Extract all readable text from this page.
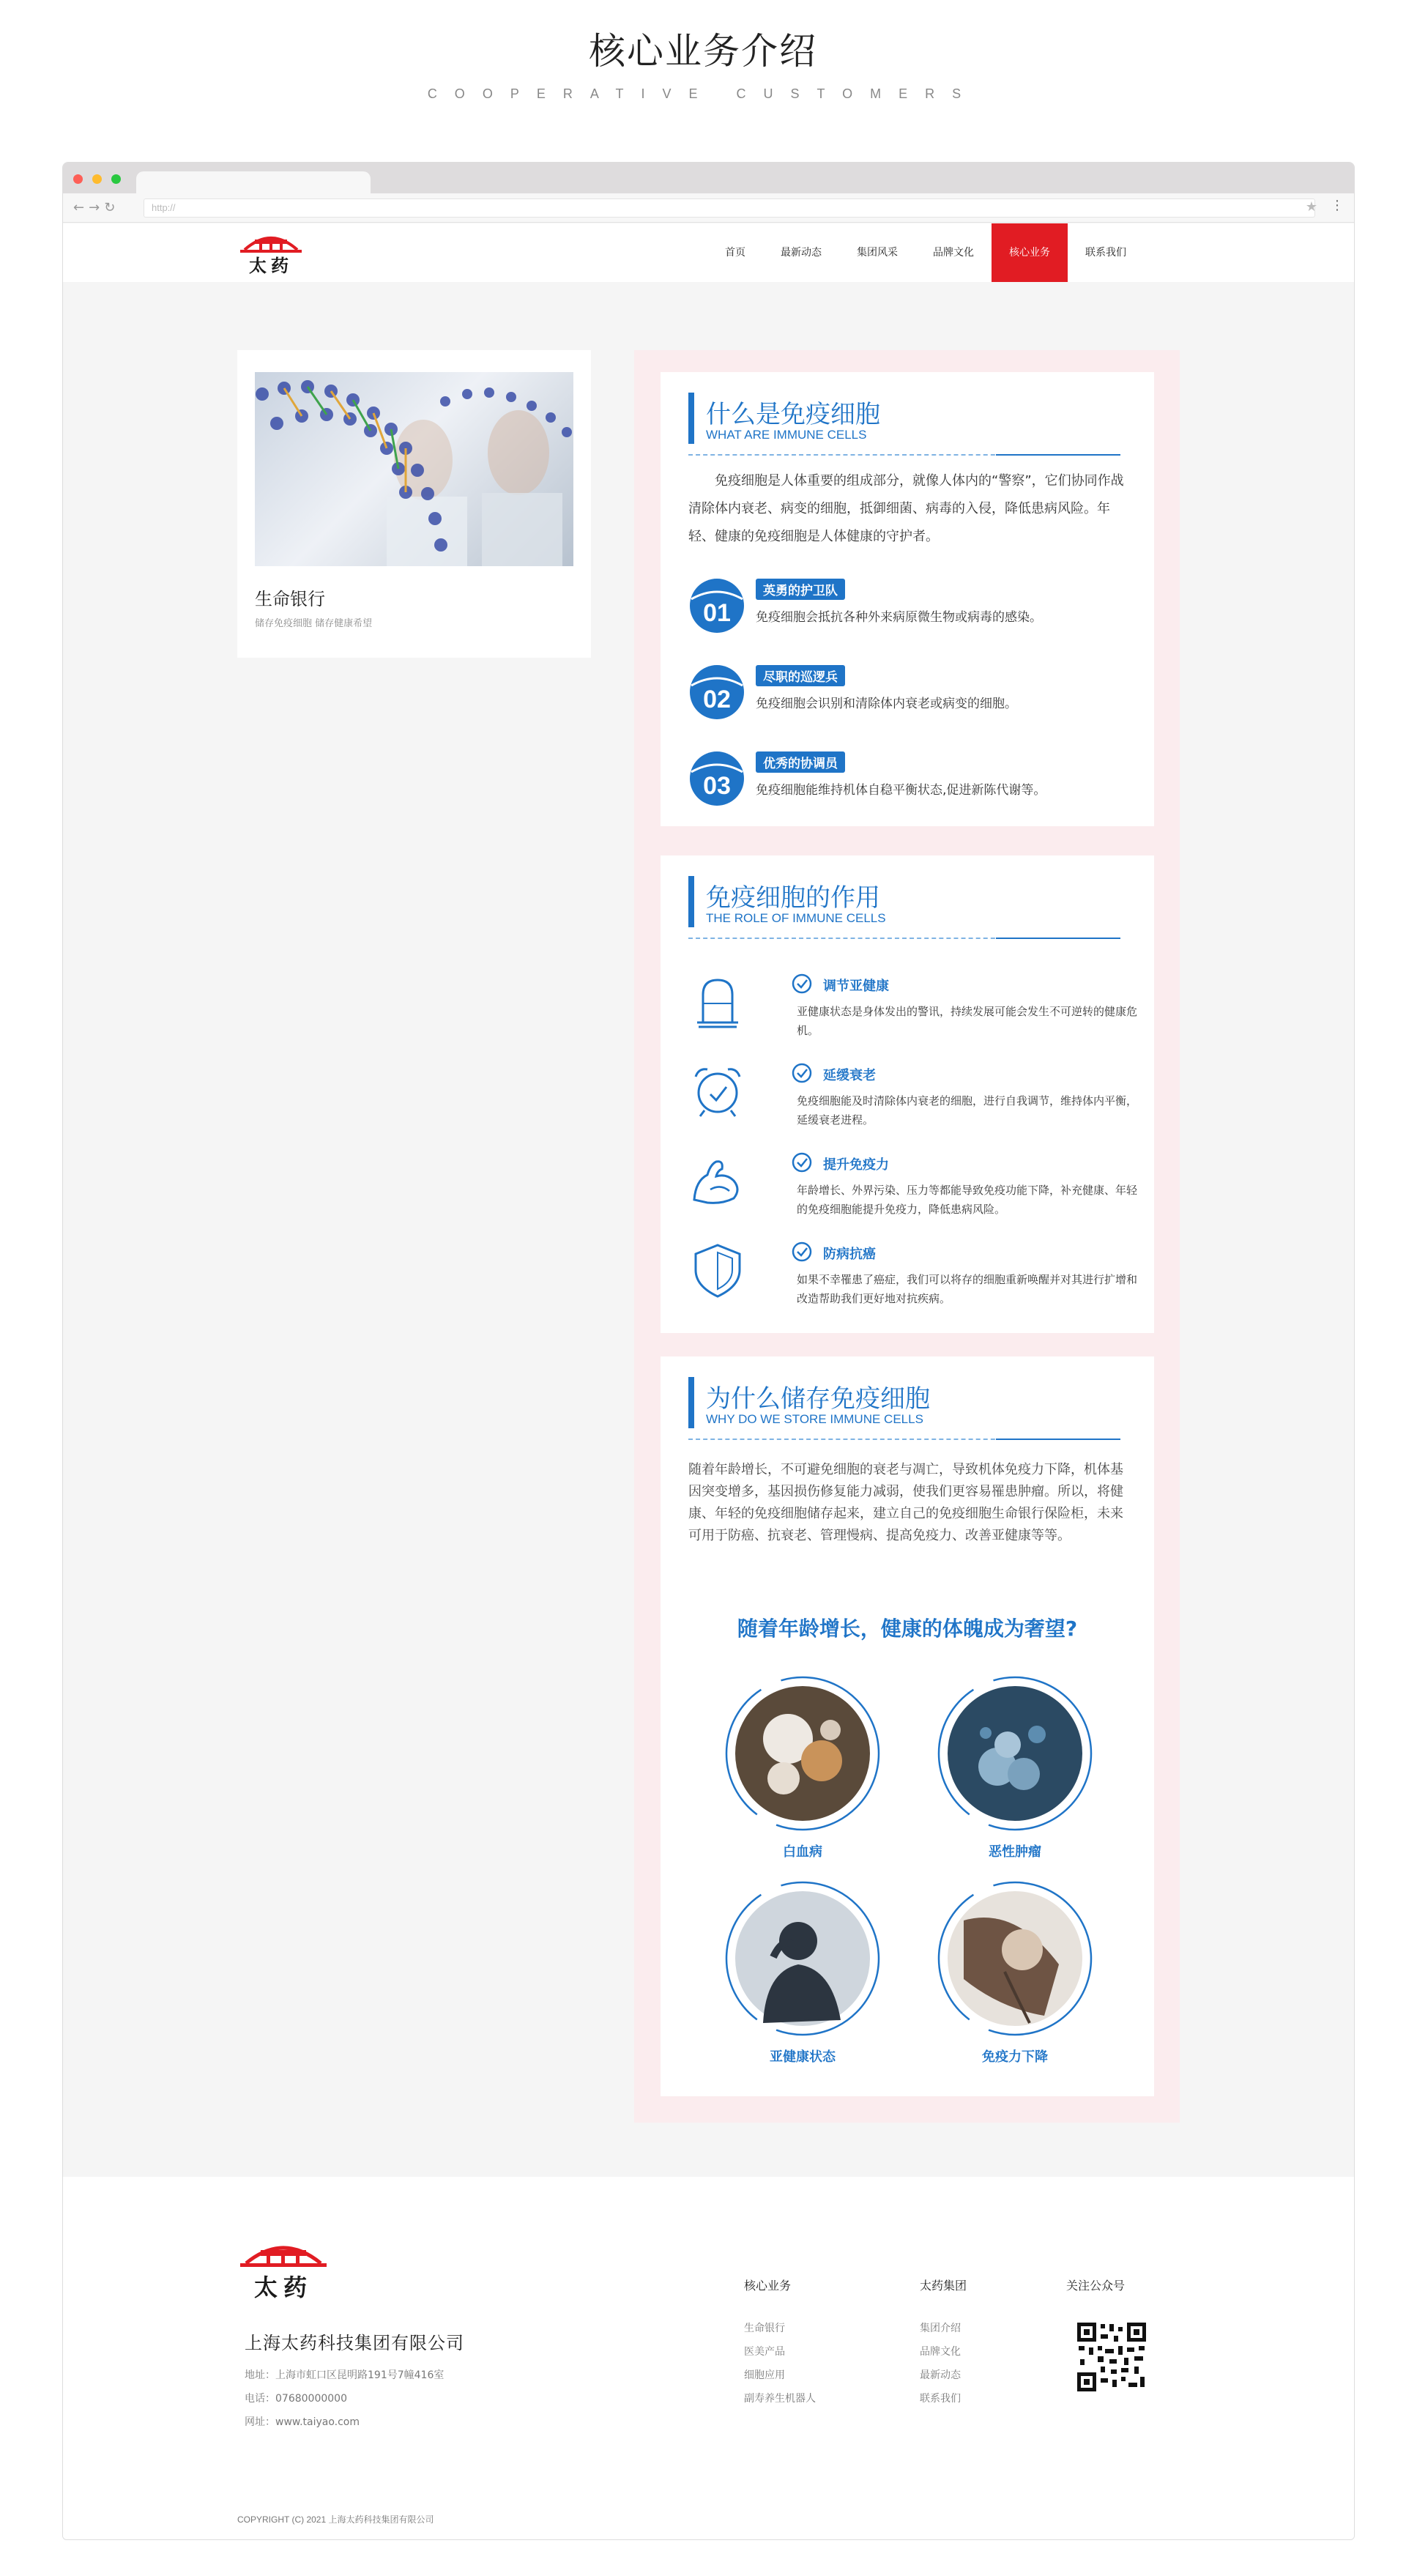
核心业务介绍
COOPERATIVE CUSTOMERS

←→↻	http://	★ ⋮
太药
首页	最新动态	集团风采	品牌文化	核心业务	联系我们
生命银行
储存免疫细胞 储存健康希望
什么是免疫细胞
WHAT ARE IMMUNE CELLS
免疫细胞是人体重要的组成部分，就像人体内的“警察”，它们协同作战清除体内衰老、病变的细胞，抵御细菌、病毒的入侵，降低患病风险。年轻、健康的免疫细胞是人体健康的守护者。
01
英勇的护卫队
免疫细胞会抵抗各种外来病原微生物或病毒的感染。
02
尽职的巡逻兵
免疫细胞会识别和清除体内衰老或病变的细胞。
03
优秀的协调员
免疫细胞能维持机体自稳平衡状态,促进新陈代谢等。
免疫细胞的作用
THE ROLE OF IMMUNE CELLS
调节亚健康
亚健康状态是身体发出的警讯，持续发展可能会发生不可逆转的健康危机。
延缓衰老
免疫细胞能及时清除体内衰老的细胞，进行自我调节，维持体内平衡，延缓衰老进程。
提升免疫力
年龄增长、外界污染、压力等都能导致免疫功能下降，补充健康、年轻的免疫细胞能提升免疫力，降低患病风险。
防病抗癌
如果不幸罹患了癌症，我们可以将存的细胞重新唤醒并对其进行扩增和改造帮助我们更好地对抗疾病。
为什么储存免疫细胞
WHY DO WE STORE IMMUNE CELLS
随着年龄增长，不可避免细胞的衰老与凋亡，导致机体免疫力下降，机体基因突变增多，基因损伤修复能力减弱，使我们更容易罹患肿瘤。所以，将健康、年轻的免疫细胞储存起来，建立自己的免疫细胞生命银行保险柜，未来可用于防癌、抗衰老、管理慢病、提高免疫力、改善亚健康等等。
随着年龄增长，健康的体魄成为奢望?
白血病	恶性肿瘤
亚健康状态	免疫力下降
太药
上海太药科技集团有限公司
地址：上海市虹口区昆明路191号7幢416室
电话：07680000000
网址：www.taiyao.com
核心业务
生命银行
医美产品
细胞应用
副寿养生机器人
太药集团
集团介绍
品牌文化
最新动态
联系我们
关注公众号
COPYRIGHT (C) 2021 上海太药科技集团有限公司
